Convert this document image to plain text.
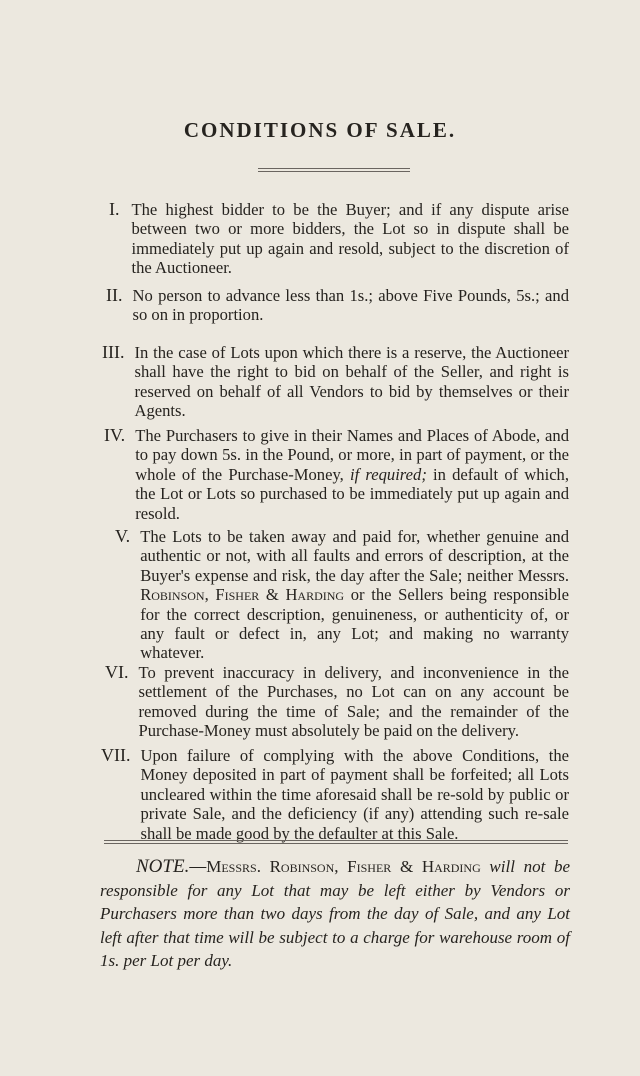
CONDITIONS OF SALE.
I. The highest bidder to be the Buyer; and if any dispute arise between two or more bidders, the Lot so in dispute shall be immediately put up again and resold, subject to the discretion of the Auctioneer.
II. No person to advance less than 1s.; above Five Pounds, 5s.; and so on in proportion.
III. In the case of Lots upon which there is a reserve, the Auctioneer shall have the right to bid on behalf of the Seller, and right is reserved on behalf of all Vendors to bid by themselves or their Agents.
IV. The Purchasers to give in their Names and Places of Abode, and to pay down 5s. in the Pound, or more, in part of payment, or the whole of the Purchase-Money, if required; in default of which, the Lot or Lots so purchased to be immediately put up again and resold.
V. The Lots to be taken away and paid for, whether genuine and authentic or not, with all faults and errors of description, at the Buyer's expense and risk, the day after the Sale; neither Messrs. Robinson, Fisher & Harding or the Sellers being responsible for the correct description, genuineness, or authenticity of, or any fault or defect in, any Lot; and making no warranty whatever.
VI. To prevent inaccuracy in delivery, and inconvenience in the settlement of the Purchases, no Lot can on any account be removed during the time of Sale; and the remainder of the Purchase-Money must absolutely be paid on the delivery.
VII. Upon failure of complying with the above Conditions, the Money deposited in part of payment shall be forfeited; all Lots uncleared within the time aforesaid shall be re-sold by public or private Sale, and the deficiency (if any) attending such re-sale shall be made good by the defaulter at this Sale.
NOTE.—Messrs. Robinson, Fisher & Harding will not be responsible for any Lot that may be left either by Vendors or Purchasers more than two days from the day of Sale, and any Lot left after that time will be subject to a charge for warehouse room of 1s. per Lot per day.
